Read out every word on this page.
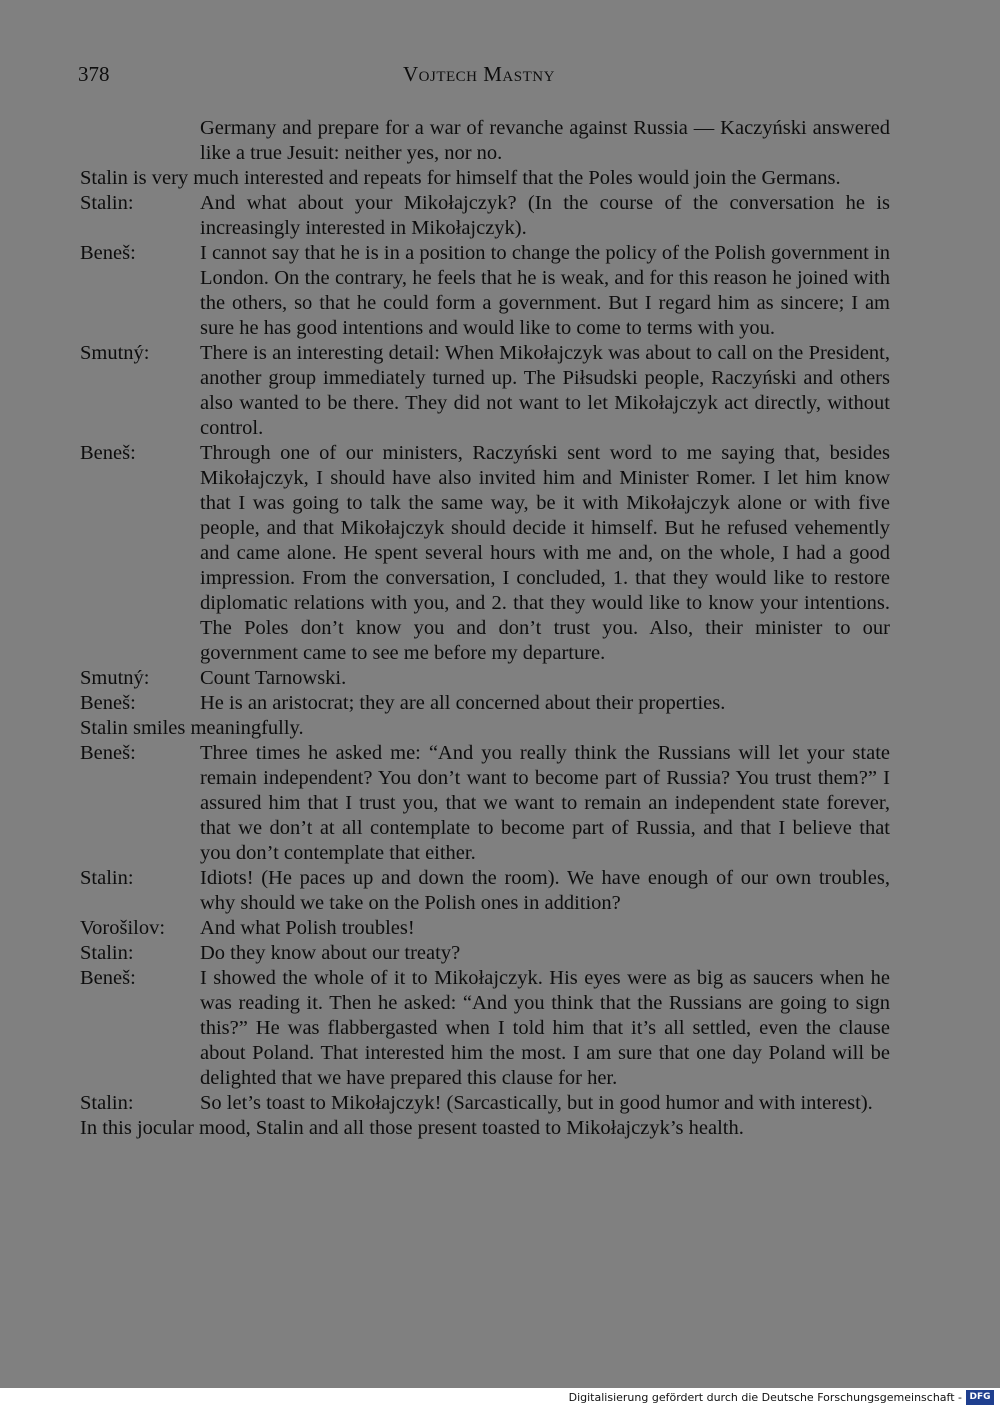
378	Vojtech Mastny
Germany and prepare for a war of revanche against Russia — Kaczyński answered like a true Jesuit: neither yes, nor no.
Stalin is very much interested and repeats for himself that the Poles would join the Germans.
Stalin:	And what about your Mikołajczyk? (In the course of the conversation he is increasingly interested in Mikołajczyk).
Beneš:	I cannot say that he is in a position to change the policy of the Polish government in London. On the contrary, he feels that he is weak, and for this reason he joined with the others, so that he could form a government. But I regard him as sincere; I am sure he has good intentions and would like to come to terms with you.
Smutný:	There is an interesting detail: When Mikołajczyk was about to call on the President, another group immediately turned up. The Piłsudski people, Raczyński and others also wanted to be there. They did not want to let Mikołajczyk act directly, without control.
Beneš:	Through one of our ministers, Raczyński sent word to me saying that, besides Mikołajczyk, I should have also invited him and Minister Romer. I let him know that I was going to talk the same way, be it with Mikołajczyk alone or with five people, and that Mikołajczyk should decide it himself. But he refused vehemently and came alone. He spent several hours with me and, on the whole, I had a good impression. From the conversation, I concluded, 1. that they would like to restore diplomatic relations with you, and 2. that they would like to know your intentions. The Poles don’t know you and don’t trust you. Also, their minister to our government came to see me before my departure.
Smutný:	Count Tarnowski.
Beneš:	He is an aristocrat; they are all concerned about their properties.
Stalin smiles meaningfully.
Beneš:	Three times he asked me: “And you really think the Russians will let your state remain independent? You don’t want to become part of Russia? You trust them?” I assured him that I trust you, that we want to remain an independent state forever, that we don’t at all contemplate to become part of Russia, and that I believe that you don’t contemplate that either.
Stalin:	Idiots! (He paces up and down the room). We have enough of our own troubles, why should we take on the Polish ones in addition?
Vorošilov:	And what Polish troubles!
Stalin:	Do they know about our treaty?
Beneš:	I showed the whole of it to Mikołajczyk. His eyes were as big as saucers when he was reading it. Then he asked: “And you think that the Russians are going to sign this?” He was flabbergasted when I told him that it’s all settled, even the clause about Poland. That interested him the most. I am sure that one day Poland will be delighted that we have prepared this clause for her.
Stalin:	So let’s toast to Mikołajczyk! (Sarcastically, but in good humor and with interest).
In this jocular mood, Stalin and all those present toasted to Mikołajczyk’s health.
Digitalisierung gefördert durch die Deutsche Forschungsgemeinschaft - DFG
